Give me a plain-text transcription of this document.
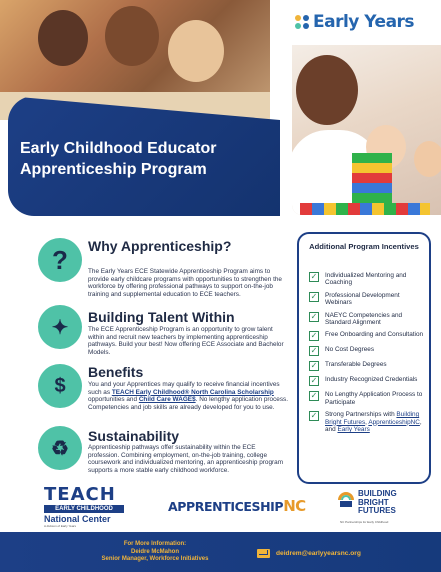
Early Years
Early Childhood Educator Apprenticeship Program
? Why Apprenticeship?
The Early Years ECE Statewide Apprenticeship Program aims to provide early childcare programs with opportunities to strengthen the workforce by offering professional pathways to support on-the-job training and supplemental education to ECE teachers.
✦ Building Talent Within
The ECE Apprenticeship Program is an opportunity to grow talent within and recruit new teachers by implementing apprenticeship pathways. Build your best! Now offering ECE Associate and Bachelor Models.
$
Benefits
You and your Apprentices may qualify to receive financial incentives such as TEACH Early Childhood® North Carolina Scholarship opportunities and Child Care WAGE$. No lengthy application process. Competencies and job skills are already developed for you to use.
♻
Sustainability
Apprenticeship pathways offer sustainability within the ECE profession. Combining employment, on-the-job training, college coursework and individualized mentoring, an apprenticeship program supports a more stable early childhood workforce.
Additional Program Incentives
✓ Individualized Mentoring and Coaching
✓ Professional Development Webinars
✓ NAEYC Competencies and Standard Alignment
✓ Free Onboarding and Consultation
✓ No Cost Degrees
✓ Transferable Degrees
✓ Industry Recognized Credentials
✓ No Lengthy Application Process to Participate
✓ Strong Partnerships with Building Bright Futures, ApprenticeshipNC, and Early Years
TEACH
EARLY CHILDHOOD
National Center
A division of Early Years
APPRENTICESHIP NC
BUILDING
BRIGHT
FUTURES
NC Partnerships for Early Childhood
For More Information:
Deidre McMahon
Senior Manager, Workforce Initiatives
deidrem@earlyyearsnc.org
